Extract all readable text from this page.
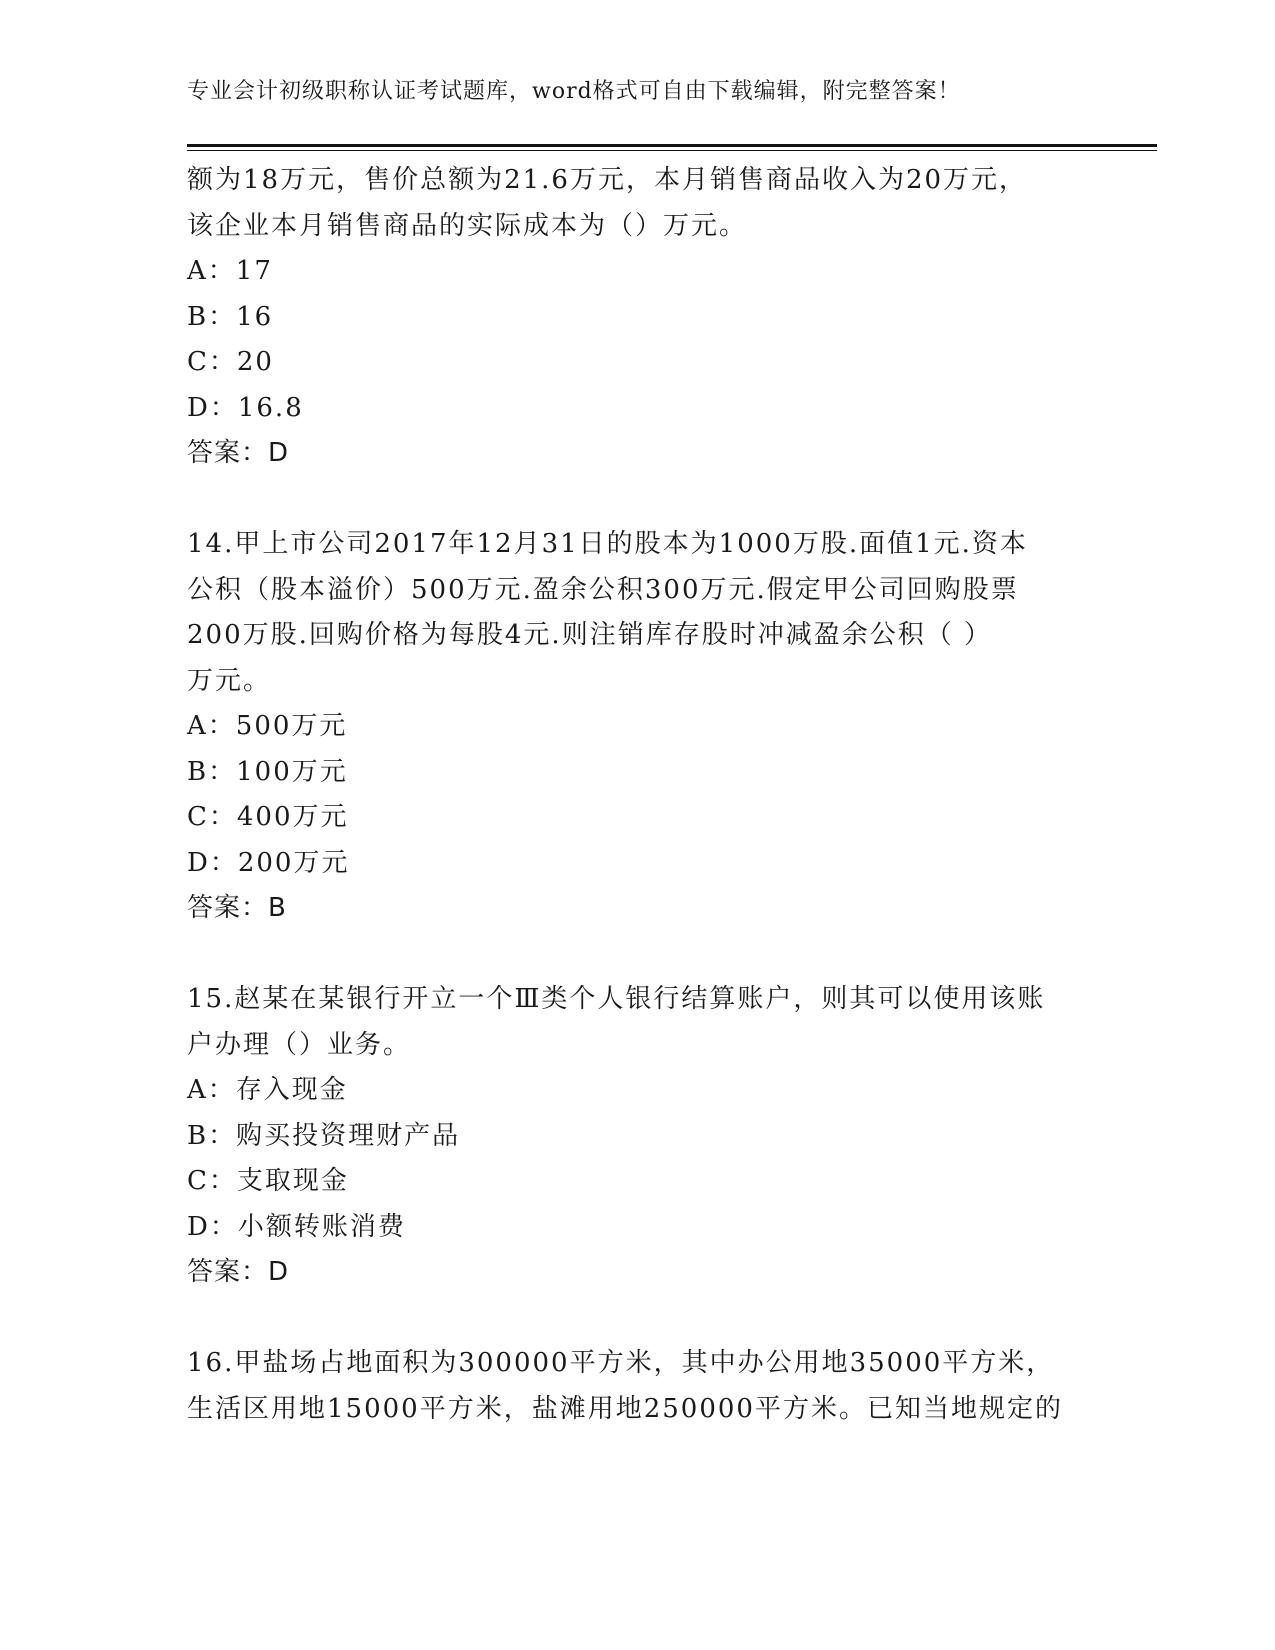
专业会计初级职称认证考试题库，word格式可自由下载编辑，附完整答案！
额为18万元，售价总额为21.6万元，本月销售商品收入为20万元，
该企业本月销售商品的实际成本为（）万元。
A：17
B：16
C：20
D：16.8
答案：D
14.甲上市公司2017年12月31日的股本为1000万股.面值1元.资本
公积（股本溢价）500万元.盈余公积300万元.假定甲公司回购股票
200万股.回购价格为每股4元.则注销库存股时冲减盈余公积（ ）
万元。
A：500万元
B：100万元
C：400万元
D：200万元
答案：B
15.赵某在某银行开立一个Ⅲ类个人银行结算账户，则其可以使用该账
户办理（）业务。
A：存入现金
B：购买投资理财产品
C：支取现金
D：小额转账消费
答案：D
16.甲盐场占地面积为300000平方米，其中办公用地35000平方米，
生活区用地15000平方米，盐滩用地250000平方米。已知当地规定的
